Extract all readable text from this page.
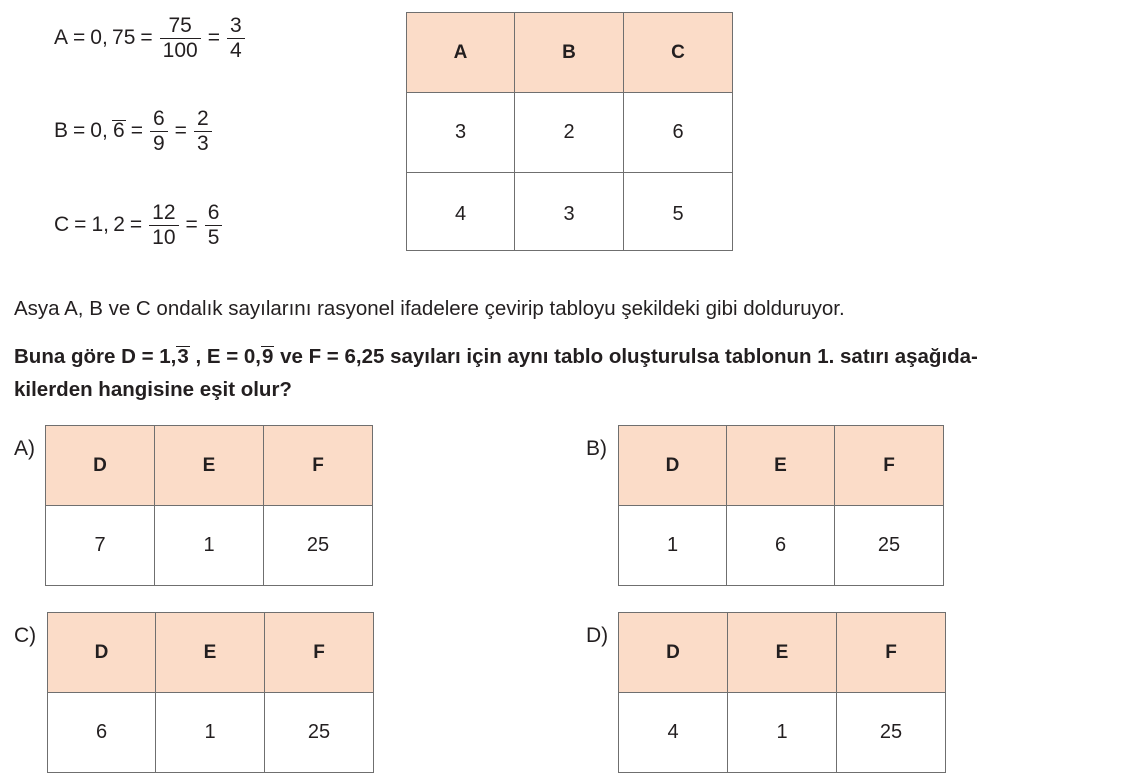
A = 0,  $75 = \frac{75}{100} = \frac{3}{4}$
B = 0,  $6 = \frac{6}{9} = \frac{2}{3}$
C = 1,  $2 = \frac{12}{10} = \frac{6}{5}$
A	B	C
3	2	6
4	3	5
Asya A, B ve C ondalık sayılarını rasyonel ifadelere çevirip tabloyu şekildeki gibi dolduruyor.
Buna göre D = 1,3 , E = 0,9 ve F = 6,25 sayıları için aynı tablo oluşturulsa tablonun 1. satırı aşağıda-
kilerden hangisine eşit olur?
A)
D	E	F
7	1	25
B)
D	E	F
1	6	25
C)
D	E	F
6	1	25
D)
D	E	F
4	1	25
